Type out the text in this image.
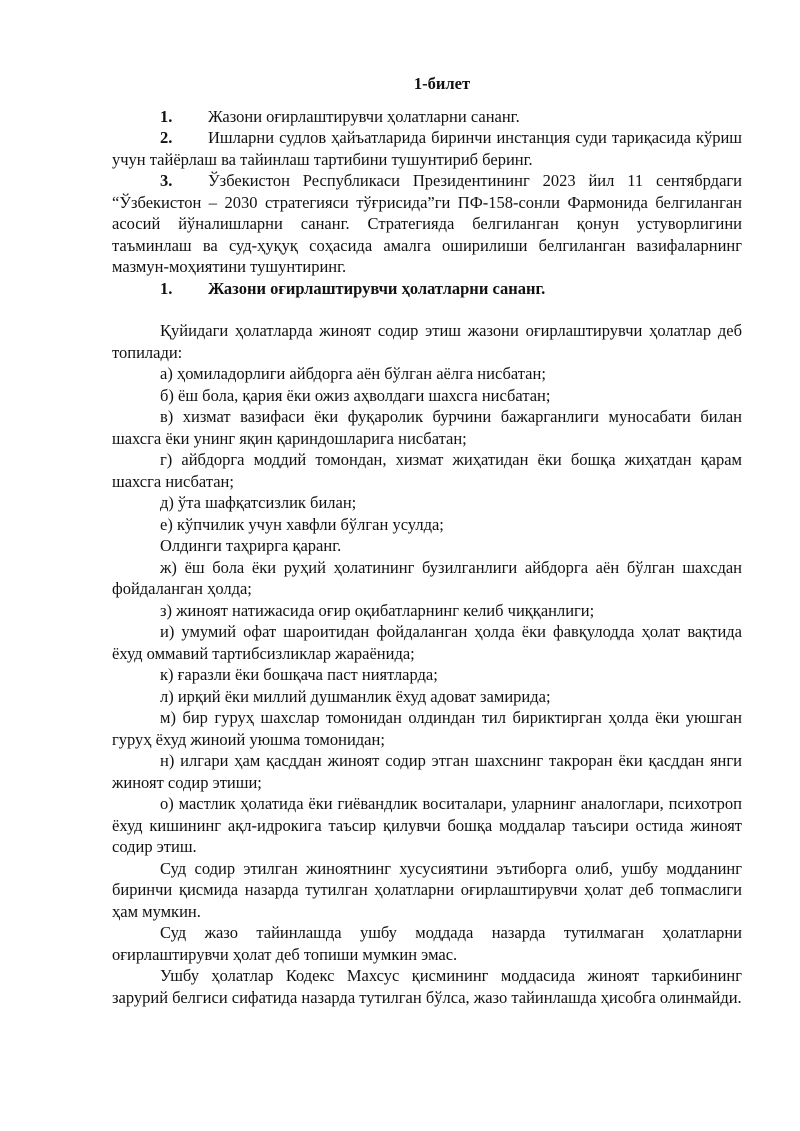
1-билет

1. Жазони оғирлаштирувчи ҳолатларни сананг.

2. Ишларни судлов ҳайъатларида биринчи инстанция суди тариқасида кўриш учун тайёрлаш ва тайинлаш тартибини тушунтириб беринг.

3. Ўзбекистон Республикаси Президентининг 2023 йил 11 сентябрдаги “Ўзбекистон – 2030 стратегияси тўғрисида”ги ПФ-158-сонли Фармонида белгиланган асосий йўналишларни сананг. Стратегияда белгиланган қонун устуворлигини таъминлаш ва суд-ҳуқуқ соҳасида амалга оширилиши белгиланган вазифаларнинг мазмун-моҳиятини тушунтиринг.

1. Жазони оғирлаштирувчи ҳолатларни сананг.

Қуйидаги ҳолатларда жиноят содир этиш жазони оғирлаштирувчи ҳолатлар деб топилади:

а) ҳомиладорлиги айбдорга аён бўлган аёлга нисбатан;

б) ёш бола, қария ёки ожиз аҳволдаги шахсга нисбатан;

в) хизмат вазифаси ёки фуқаролик бурчини бажарганлиги муносабати билан шахсга ёки унинг яқин қариндошларига нисбатан;

г) айбдорга моддий томондан, хизмат жиҳатидан ёки бошқа жиҳатдан қарам шахсга нисбатан;

д) ўта шафқатсизлик билан;

е) кўпчилик учун хавфли бўлган усулда;

Олдинги таҳрирга қаранг.

ж) ёш бола ёки руҳий ҳолатининг бузилганлиги айбдорга аён бўлган шахсдан фойдаланган ҳолда;

з) жиноят натижасида оғир оқибатларнинг келиб чиққанлиги;

и) умумий офат шароитидан фойдаланган ҳолда ёки фавқулодда ҳолат вақтида ёхуд оммавий тартибсизликлар жараёнида;

к) ғаразли ёки бошқача паст ниятларда;

л) ирқий ёки миллий душманлик ёхуд адоват замирида;

м) бир гуруҳ шахслар томонидан олдиндан тил бириктирган ҳолда ёки уюшган гуруҳ ёхуд жиноий уюшма томонидан;

н) илгари ҳам қасддан жиноят содир этган шахснинг такроран ёки қасддан янги жиноят содир этиши;

о) мастлик ҳолатида ёки гиёвандлик воситалари, уларнинг аналоглари, психотроп ёхуд кишининг ақл-идрокига таъсир қилувчи бошқа моддалар таъсири остида жиноят содир этиш.

Суд содир этилган жиноятнинг хусусиятини эътиборга олиб, ушбу модданинг биринчи қисмида назарда тутилган ҳолатларни оғирлаштирувчи ҳолат деб топмаслиги ҳам мумкин.

Суд жазо тайинлашда ушбу моддада назарда тутилмаган ҳолатларни оғирлаштирувчи ҳолат деб топиши мумкин эмас.

Ушбу ҳолатлар Кодекс Махсус қисмининг моддасида жиноят таркибининг зарурий белгиси сифатида назарда тутилган бўлса, жазо тайинлашда ҳисобга олинмайди.
